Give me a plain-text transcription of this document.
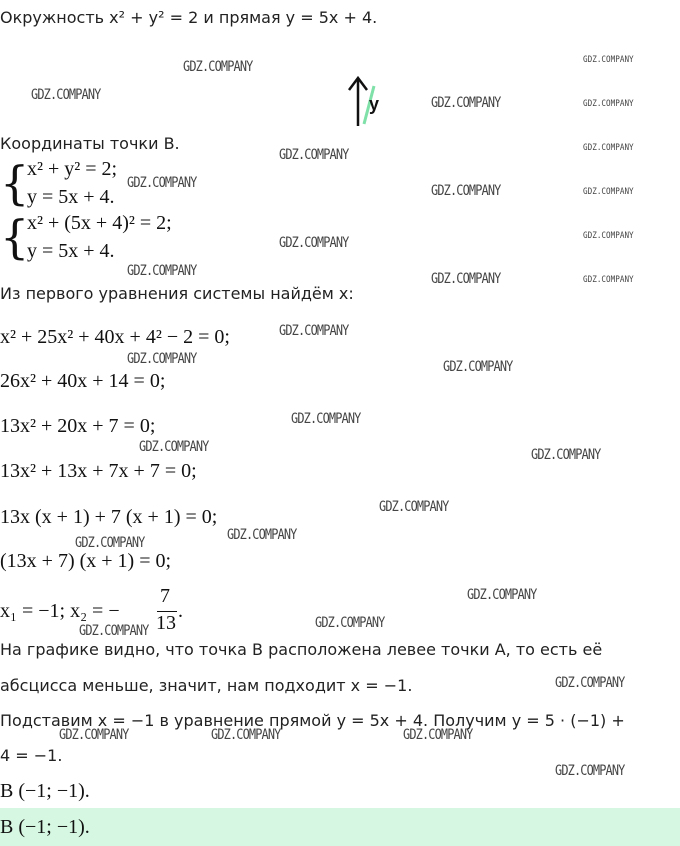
Окружность x² + y² = 2 и прямая y = 5x + 4.
y
Координаты точки B.
{
x² + y² = 2;
y = 5x + 4.
{
x² + (5x + 4)² = 2;
y = 5x + 4.
Из первого уравнения системы найдём x:
x² + 25x² + 40x + 4² − 2 = 0;
26x² + 40x + 14 = 0;
13x² + 20x + 7 = 0;
13x² + 13x + 7x + 7 = 0;
13x (x + 1) + 7 (x + 1) = 0;
(13x + 7) (x + 1) = 0;
x₁ = −1; x₂ = −
7
13
.
На графике видно, что точка B расположена левее точки A, то есть её
абсцисса меньше, значит, нам подходит x = −1.
Подставим x = −1 в уравнение прямой y = 5x + 4. Получим y = 5 · (−1) +
4 = −1.
B (−1; −1).
B (−1; −1).
GDZ.COMPANY
GDZ.COMPANY	GDZ.COMPANY
GDZ.COMPANY
GDZ.COMPANY	GDZ.COMPANY
GDZ.COMPANY
GDZ.COMPANY	GDZ.COMPANY
GDZ.COMPANY
GDZ.COMPANY	GDZ.COMPANY
GDZ.COMPANY
GDZ.COMPANY	GDZ.COMPANY
GDZ.COMPANY
GDZ.COMPANY
GDZ.COMPANY
GDZ.COMPANY
GDZ.COMPANY
GDZ.COMPANY
GDZ.COMPANY
GDZ.COMPANY	GDZ.COMPANY	GDZ.COMPANY
GDZ.COMPANY
GDZ.COMPANY
GDZ.COMPANY
GDZ.COMPANY
GDZ.COMPANY
GDZ.COMPANY
GDZ.COMPANY
